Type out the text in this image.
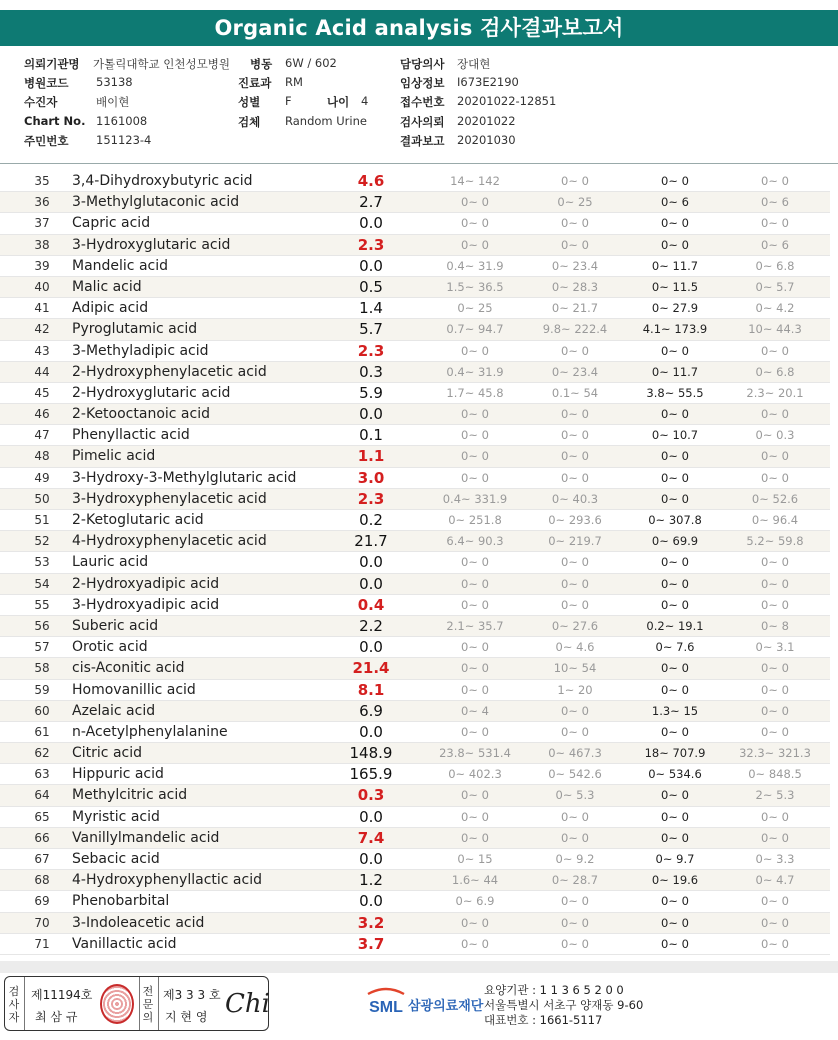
Organic Acid analysis 검사결과보고서
의뢰기관명 가톨릭대학교 인천성모병원 병동 6W / 602	담당의사 장대현
병원코드 53138	진료과 RM	임상정보 I673E2190
수진자	배이현	성별 F	나이 4	접수번호 20201022-12851
Chart No. 1161008	검체 Random Urine	검사의뢰 20201022
주민번호 151123-4	결과보고 20201030
35	3,4-Dihydroxybutyric acid	4.6	14~ 142	0~ 0	0~ 0	0~ 0
36	3-Methylglutaconic acid	2.7	0~ 0	0~ 25	0~ 6	0~ 6
37	Capric acid	0.0	0~ 0	0~ 0	0~ 0	0~ 0
38	3-Hydroxyglutaric acid	2.3	0~ 0	0~ 0	0~ 0	0~ 6
39	Mandelic acid	0.0	0.4~ 31.9	0~ 23.4	0~ 11.7	0~ 6.8
40	Malic acid	0.5	1.5~ 36.5	0~ 28.3	0~ 11.5	0~ 5.7
41	Adipic acid	1.4	0~ 25	0~ 21.7	0~ 27.9	0~ 4.2
42	Pyroglutamic acid	5.7	0.7~ 94.7	9.8~ 222.4	4.1~ 173.9	10~ 44.3
43	3-Methyladipic acid	2.3	0~ 0	0~ 0	0~ 0	0~ 0
44	2-Hydroxyphenylacetic acid	0.3	0.4~ 31.9	0~ 23.4	0~ 11.7	0~ 6.8
45	2-Hydroxyglutaric acid	5.9	1.7~ 45.8	0.1~ 54	3.8~ 55.5	2.3~ 20.1
46	2-Ketooctanoic acid	0.0	0~ 0	0~ 0	0~ 0	0~ 0
47	Phenyllactic acid	0.1	0~ 0	0~ 0	0~ 10.7	0~ 0.3
48	Pimelic acid	1.1	0~ 0	0~ 0	0~ 0	0~ 0
49	3-Hydroxy-3-Methylglutaric acid	3.0	0~ 0	0~ 0	0~ 0	0~ 0
50	3-Hydroxyphenylacetic acid	2.3	0.4~ 331.9	0~ 40.3	0~ 0	0~ 52.6
51	2-Ketoglutaric acid	0.2	0~ 251.8	0~ 293.6	0~ 307.8	0~ 96.4
52	4-Hydroxyphenylacetic acid	21.7	6.4~ 90.3	0~ 219.7	0~ 69.9	5.2~ 59.8
53	Lauric acid	0.0	0~ 0	0~ 0	0~ 0	0~ 0
54	2-Hydroxyadipic acid	0.0	0~ 0	0~ 0	0~ 0	0~ 0
55	3-Hydroxyadipic acid	0.4	0~ 0	0~ 0	0~ 0	0~ 0
56	Suberic acid	2.2	2.1~ 35.7	0~ 27.6	0.2~ 19.1	0~ 8
57	Orotic acid	0.0	0~ 0	0~ 4.6	0~ 7.6	0~ 3.1
58	cis-Aconitic acid	21.4	0~ 0	10~ 54	0~ 0	0~ 0
59	Homovanillic acid	8.1	0~ 0	1~ 20	0~ 0	0~ 0
60	Azelaic acid	6.9	0~ 4	0~ 0	1.3~ 15	0~ 0
61	n-Acetylphenylalanine	0.0	0~ 0	0~ 0	0~ 0	0~ 0
62	Citric acid	148.9	23.8~ 531.4	0~ 467.3	18~ 707.9	32.3~ 321.3
63	Hippuric acid	165.9	0~ 402.3	0~ 542.6	0~ 534.6	0~ 848.5
64	Methylcitric acid	0.3	0~ 0	0~ 5.3	0~ 0	2~ 5.3
65	Myristic acid	0.0	0~ 0	0~ 0	0~ 0	0~ 0
66	Vanillylmandelic acid	7.4	0~ 0	0~ 0	0~ 0	0~ 0
67	Sebacic acid	0.0	0~ 15	0~ 9.2	0~ 9.7	0~ 3.3
68	4-Hydroxyphenyllactic acid	1.2	1.6~ 44	0~ 28.7	0~ 19.6	0~ 4.7
69	Phenobarbital	0.0	0~ 6.9	0~ 0	0~ 0	0~ 0
70	3-Indoleacetic acid	3.2	0~ 0	0~ 0	0~ 0	0~ 0
71	Vanillactic acid	3.7	0~ 0	0~ 0	0~ 0	0~ 0
검사자
제11194호
최 삼 규
전문의
제3 3 3 호
지 현 영 Chi	SML 삼광의료재단
요양기관 : 1 1 3 6 5 2 0 0
서울특별시 서초구 양재동 9-60
대표번호 : 1661-5117
